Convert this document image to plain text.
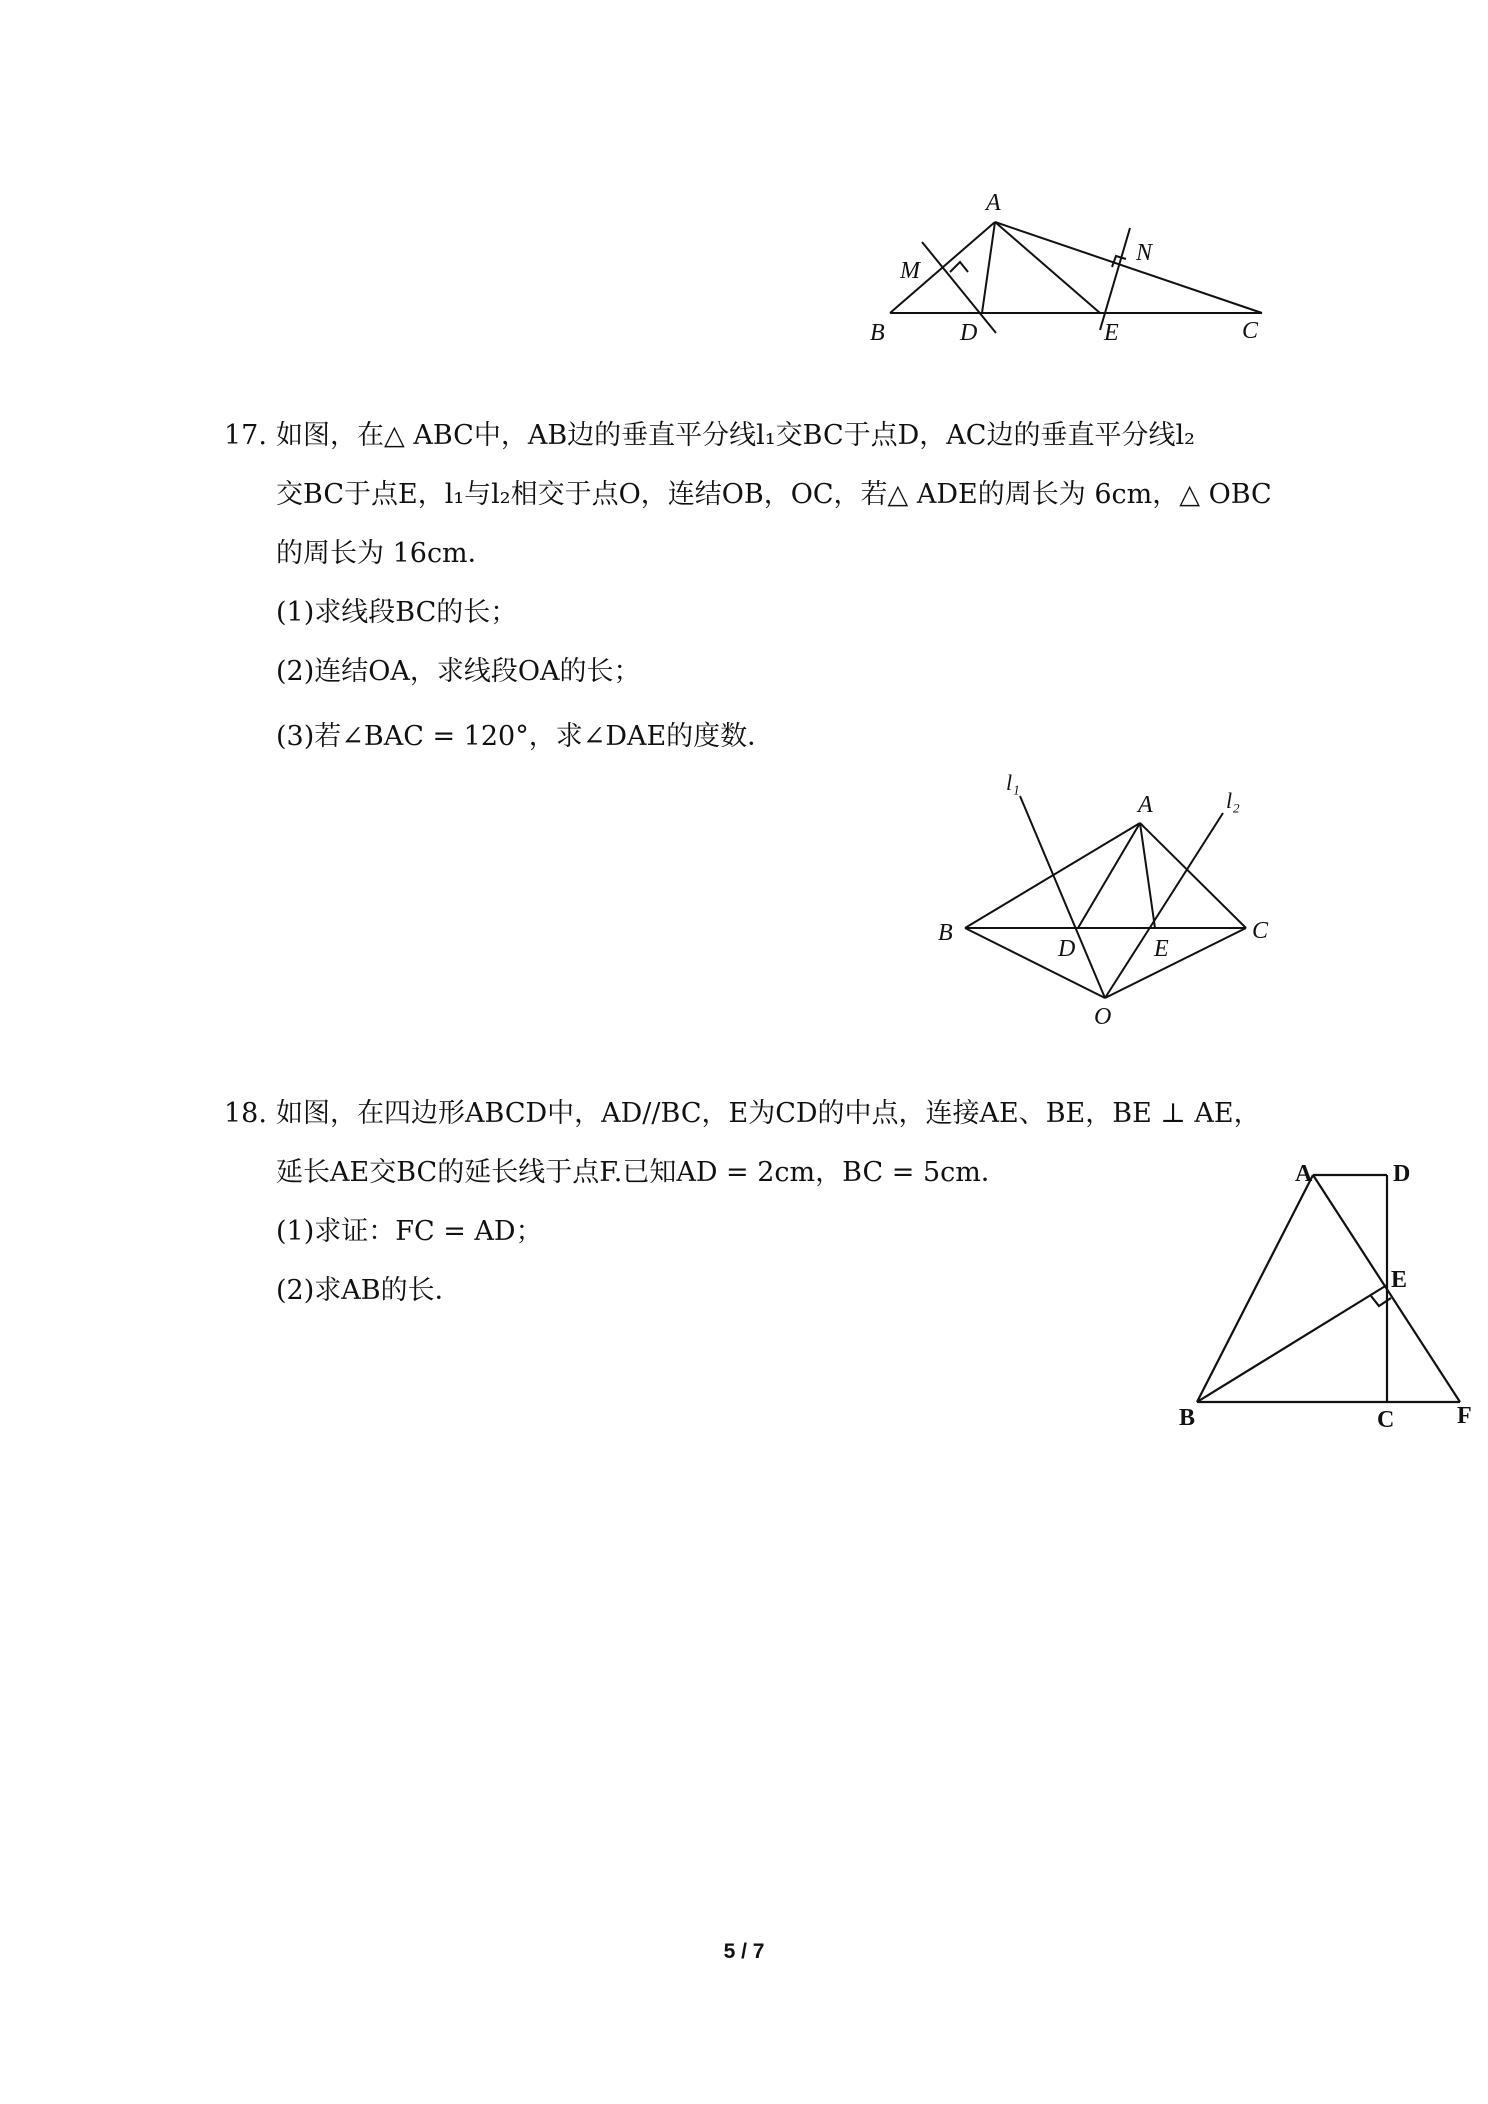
A
M
N
B	D	E	C
17. 如图，在△ ABC中，AB边的垂直平分线l₁交BC于点D，AC边的垂直平分线l₂
交BC于点E，l₁与l₂相交于点O，连结OB，OC，若△ ADE的周长为 6cm，△ OBC
的周长为 16cm．
(1)求线段BC的长；
(2)连结OA，求线段OA的长；
(3)若∠BAC = 120°，求∠DAE的度数．
l₁
A	l₂
B
D	E
C
O
18. 如图，在四边形ABCD中，AD//BC，E为CD的中点，连接AE、BE，BE ⊥ AE，
延长AE交BC的延长线于点F.已知AD = 2cm，BC = 5cm．
(1)求证：FC = AD；
(2)求AB的长．
A	D
E
B	C	F
5 / 7
